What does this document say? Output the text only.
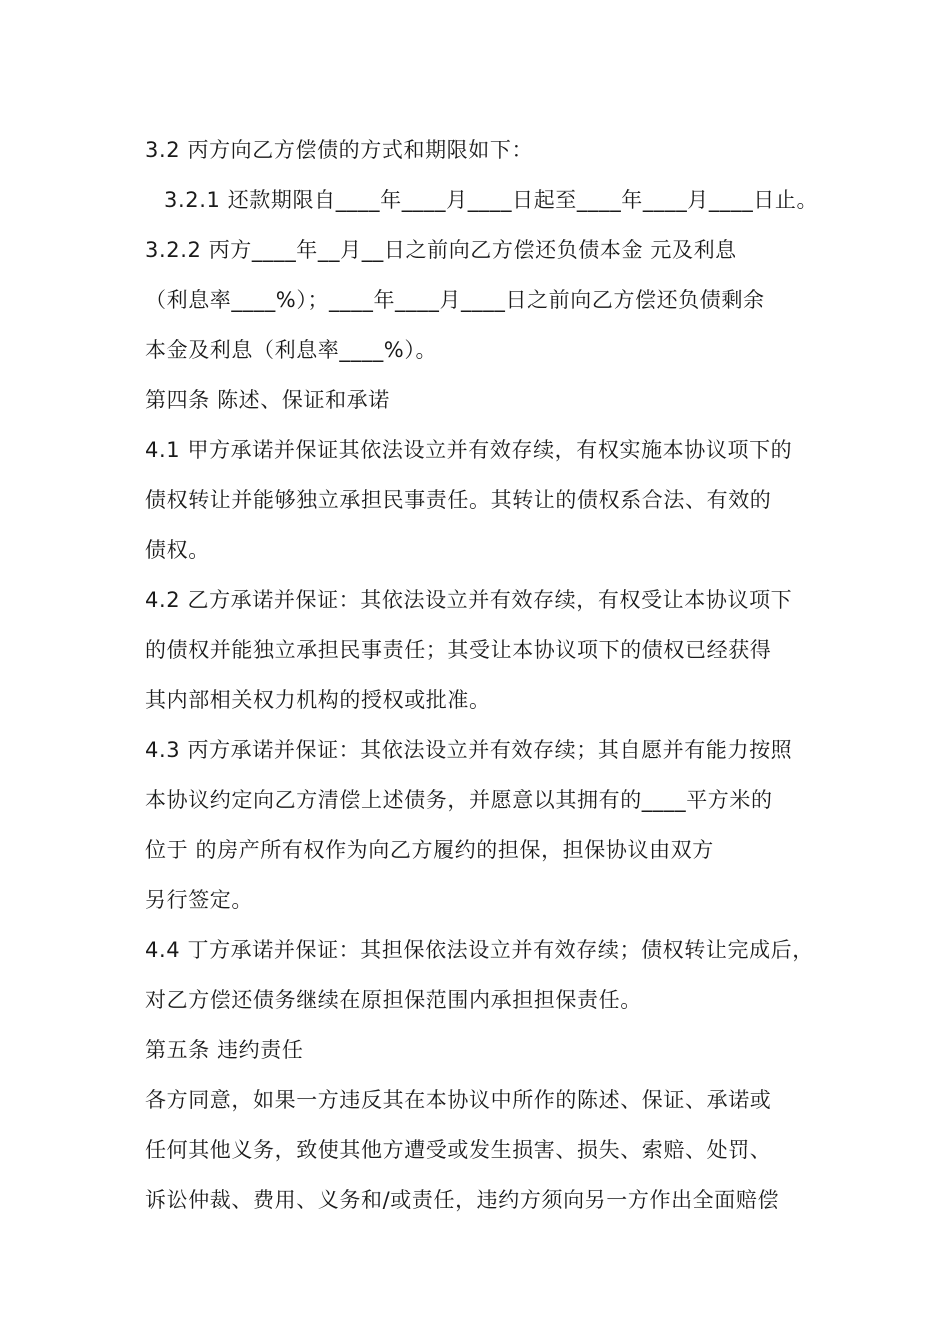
3.2 丙方向乙方偿债的方式和期限如下：
3.2.1 还款期限自____年____月____日起至____年____月____日止。
3.2.2 丙方____年__月__日之前向乙方偿还负债本金 元及利息
（利息率____%）；____年____月____日之前向乙方偿还负债剩余
本金及利息（利息率____%）。
第四条 陈述、保证和承诺
4.1 甲方承诺并保证其依法设立并有效存续，有权实施本协议项下的
债权转让并能够独立承担民事责任。其转让的债权系合法、有效的
债权。
4.2 乙方承诺并保证：其依法设立并有效存续，有权受让本协议项下
的债权并能独立承担民事责任；其受让本协议项下的债权已经获得
其内部相关权力机构的授权或批准。
4.3 丙方承诺并保证：其依法设立并有效存续；其自愿并有能力按照
本协议约定向乙方清偿上述债务，并愿意以其拥有的____平方米的
位于 的房产所有权作为向乙方履约的担保，担保协议由双方
另行签定。
4.4 丁方承诺并保证：其担保依法设立并有效存续；债权转让完成后，
对乙方偿还债务继续在原担保范围内承担担保责任。
第五条 违约责任
各方同意，如果一方违反其在本协议中所作的陈述、保证、承诺或
任何其他义务，致使其他方遭受或发生损害、损失、索赔、处罚、
诉讼仲裁、费用、义务和/或责任，违约方须向另一方作出全面赔偿
